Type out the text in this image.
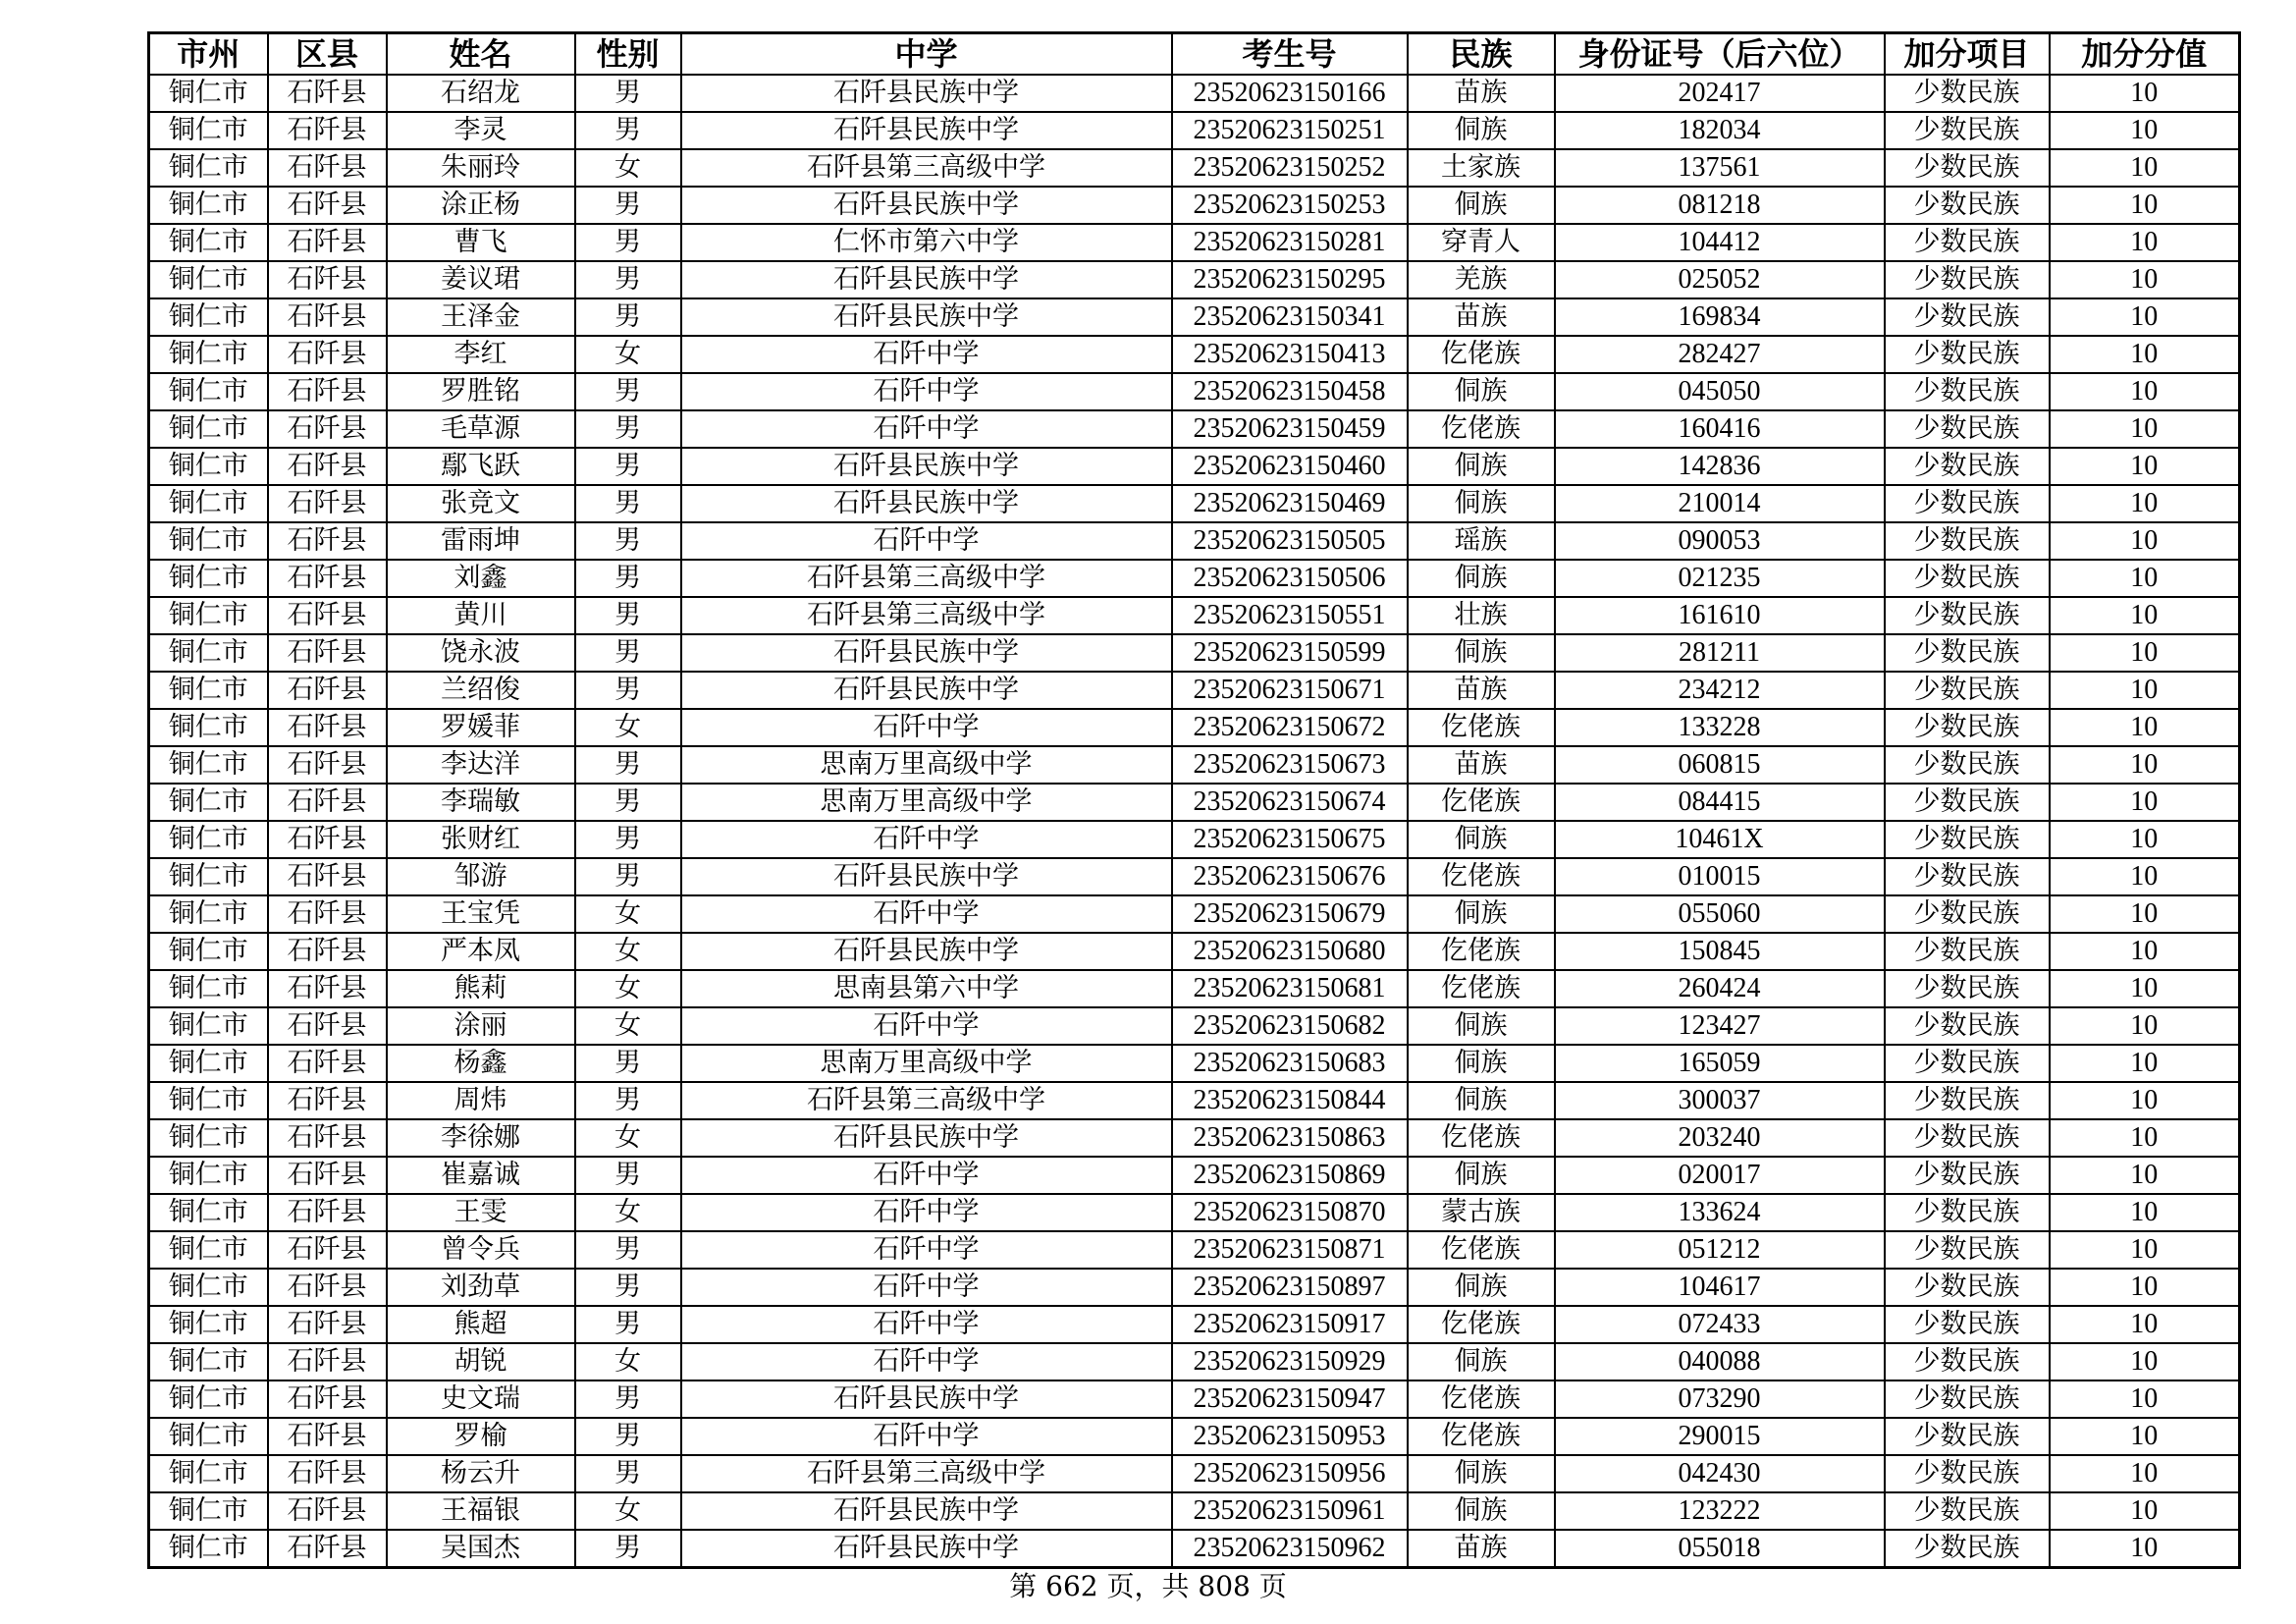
市州	区县	姓名	性别	中学	考生号	民族	身份证号（后六位）	加分项目	加分分值
铜仁市	石阡县	石绍龙	男	石阡县民族中学	23520623150166	苗族	202417	少数民族	10
铜仁市	石阡县	李灵	男	石阡县民族中学	23520623150251	侗族	182034	少数民族	10
铜仁市	石阡县	朱丽玲	女	石阡县第三高级中学	23520623150252	土家族	137561	少数民族	10
铜仁市	石阡县	涂正杨	男	石阡县民族中学	23520623150253	侗族	081218	少数民族	10
铜仁市	石阡县	曹飞	男	仁怀市第六中学	23520623150281	穿青人	104412	少数民族	10
铜仁市	石阡县	姜议珺	男	石阡县民族中学	23520623150295	羌族	025052	少数民族	10
铜仁市	石阡县	王泽金	男	石阡县民族中学	23520623150341	苗族	169834	少数民族	10
铜仁市	石阡县	李红	女	石阡中学	23520623150413	仡佬族	282427	少数民族	10
铜仁市	石阡县	罗胜铭	男	石阡中学	23520623150458	侗族	045050	少数民族	10
铜仁市	石阡县	毛草源	男	石阡中学	23520623150459	仡佬族	160416	少数民族	10
铜仁市	石阡县	鄢飞跃	男	石阡县民族中学	23520623150460	侗族	142836	少数民族	10
铜仁市	石阡县	张竞文	男	石阡县民族中学	23520623150469	侗族	210014	少数民族	10
铜仁市	石阡县	雷雨坤	男	石阡中学	23520623150505	瑶族	090053	少数民族	10
铜仁市	石阡县	刘鑫	男	石阡县第三高级中学	23520623150506	侗族	021235	少数民族	10
铜仁市	石阡县	黄川	男	石阡县第三高级中学	23520623150551	壮族	161610	少数民族	10
铜仁市	石阡县	饶永波	男	石阡县民族中学	23520623150599	侗族	281211	少数民族	10
铜仁市	石阡县	兰绍俊	男	石阡县民族中学	23520623150671	苗族	234212	少数民族	10
铜仁市	石阡县	罗媛菲	女	石阡中学	23520623150672	仡佬族	133228	少数民族	10
铜仁市	石阡县	李达洋	男	思南万里高级中学	23520623150673	苗族	060815	少数民族	10
铜仁市	石阡县	李瑞敏	男	思南万里高级中学	23520623150674	仡佬族	084415	少数民族	10
铜仁市	石阡县	张财红	男	石阡中学	23520623150675	侗族	10461X	少数民族	10
铜仁市	石阡县	邹游	男	石阡县民族中学	23520623150676	仡佬族	010015	少数民族	10
铜仁市	石阡县	王宝凭	女	石阡中学	23520623150679	侗族	055060	少数民族	10
铜仁市	石阡县	严本凤	女	石阡县民族中学	23520623150680	仡佬族	150845	少数民族	10
铜仁市	石阡县	熊莉	女	思南县第六中学	23520623150681	仡佬族	260424	少数民族	10
铜仁市	石阡县	涂丽	女	石阡中学	23520623150682	侗族	123427	少数民族	10
铜仁市	石阡县	杨鑫	男	思南万里高级中学	23520623150683	侗族	165059	少数民族	10
铜仁市	石阡县	周炜	男	石阡县第三高级中学	23520623150844	侗族	300037	少数民族	10
铜仁市	石阡县	李徐娜	女	石阡县民族中学	23520623150863	仡佬族	203240	少数民族	10
铜仁市	石阡县	崔嘉诚	男	石阡中学	23520623150869	侗族	020017	少数民族	10
铜仁市	石阡县	王雯	女	石阡中学	23520623150870	蒙古族	133624	少数民族	10
铜仁市	石阡县	曾令兵	男	石阡中学	23520623150871	仡佬族	051212	少数民族	10
铜仁市	石阡县	刘劲草	男	石阡中学	23520623150897	侗族	104617	少数民族	10
铜仁市	石阡县	熊超	男	石阡中学	23520623150917	仡佬族	072433	少数民族	10
铜仁市	石阡县	胡锐	女	石阡中学	23520623150929	侗族	040088	少数民族	10
铜仁市	石阡县	史文瑞	男	石阡县民族中学	23520623150947	仡佬族	073290	少数民族	10
铜仁市	石阡县	罗榆	男	石阡中学	23520623150953	仡佬族	290015	少数民族	10
铜仁市	石阡县	杨云升	男	石阡县第三高级中学	23520623150956	侗族	042430	少数民族	10
铜仁市	石阡县	王福银	女	石阡县民族中学	23520623150961	侗族	123222	少数民族	10
铜仁市	石阡县	吴国杰	男	石阡县民族中学	23520623150962	苗族	055018	少数民族	10
第 662 页，共 808 页
